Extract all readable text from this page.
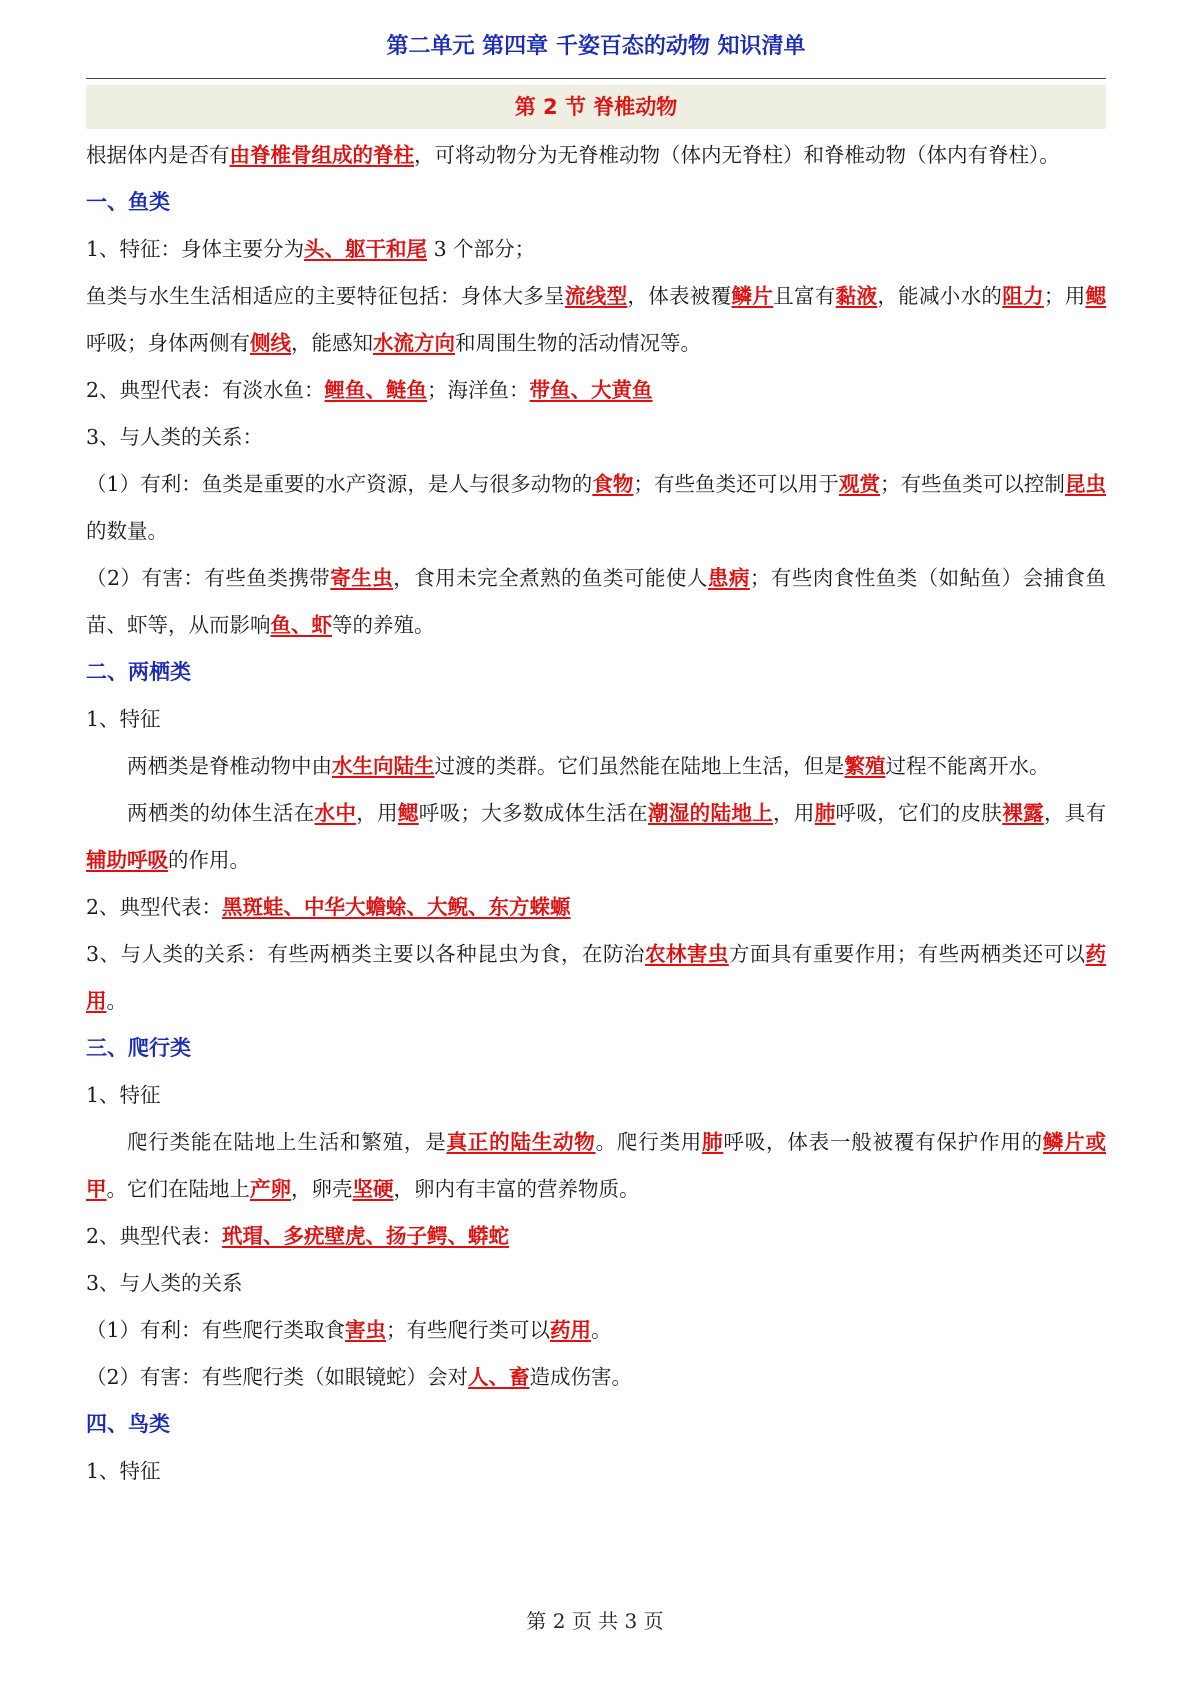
第二单元 第四章 千姿百态的动物 知识清单
第 2 节 脊椎动物

根据体内是否有由脊椎骨组成的脊柱，可将动物分为无脊椎动物（体内无脊柱）和脊椎动物（体内有脊柱）。

一、鱼类

1、特征：身体主要分为头、躯干和尾 3 个部分；

鱼类与水生生活相适应的主要特征包括：身体大多呈流线型，体表被覆鳞片且富有黏液，能减小水的阻力；用鳃呼吸；身体两侧有侧线，能感知水流方向和周围生物的活动情况等。

2、典型代表：有淡水鱼：鲤鱼、鲢鱼；海洋鱼：带鱼、大黄鱼

3、与人类的关系：

（1）有利：鱼类是重要的水产资源，是人与很多动物的食物；有些鱼类还可以用于观赏；有些鱼类可以控制昆虫的数量。

（2）有害：有些鱼类携带寄生虫，食用未完全煮熟的鱼类可能使人患病；有些肉食性鱼类（如鲇鱼）会捕食鱼苗、虾等，从而影响鱼、虾等的养殖。

二、两栖类

1、特征

两栖类是脊椎动物中由水生向陆生过渡的类群。它们虽然能在陆地上生活，但是繁殖过程不能离开水。

两栖类的幼体生活在水中，用鳃呼吸；大多数成体生活在潮湿的陆地上，用肺呼吸，它们的皮肤裸露，具有辅助呼吸的作用。

2、典型代表：黑斑蛙、中华大蟾蜍、大鲵、东方蝾螈

3、与人类的关系：有些两栖类主要以各种昆虫为食，在防治农林害虫方面具有重要作用；有些两栖类还可以药用。

三、爬行类

1、特征

爬行类能在陆地上生活和繁殖，是真正的陆生动物。爬行类用肺呼吸，体表一般被覆有保护作用的鳞片或甲。它们在陆地上产卵，卵壳坚硬，卵内有丰富的营养物质。

2、典型代表：玳瑁、多疣壁虎、扬子鳄、蟒蛇

3、与人类的关系

（1）有利：有些爬行类取食害虫；有些爬行类可以药用。

（2）有害：有些爬行类（如眼镜蛇）会对人、畜造成伤害。

四、鸟类

1、特征

第 2 页 共 3 页
